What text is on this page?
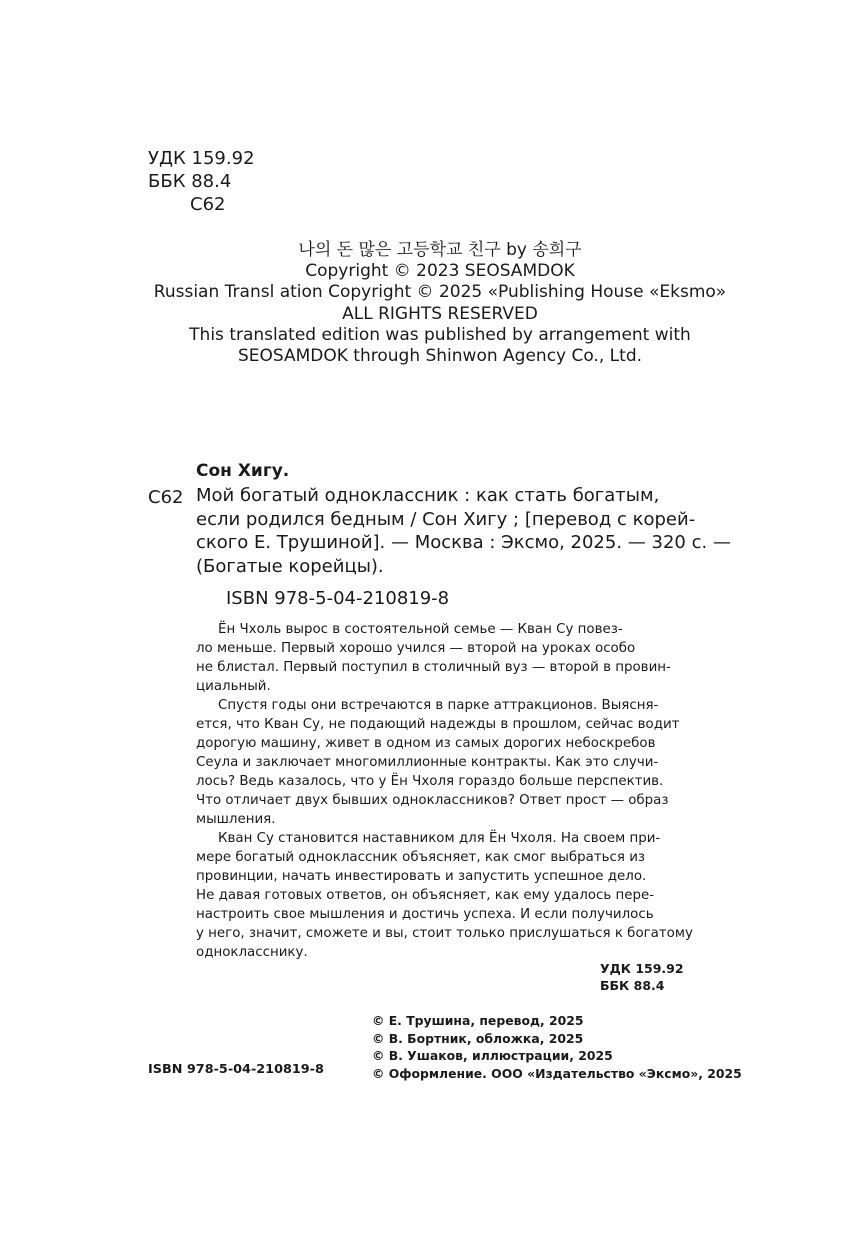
УДК 159.92
ББК 88.4
С62
나의 돈 많은 고등학교 친구 by 송희구
Copyright © 2023 SEOSAMDOK
Russian Transl ation Copyright © 2025 «Publishing House «Eksmo»
ALL RIGHTS RESERVED
This translated edition was published by arrangement with
SEOSAMDOK through Shinwon Agency Co., Ltd.
Сон Хигу.
С62 Мой богатый одноклассник : как стать богатым,
если родился бедным / Сон Хигу ; [перевод с корей-
ского Е. Трушиной]. — Москва : Эксмо, 2025. — 320 с. —
(Богатые корейцы).
ISBN 978-5-04-210819-8

Ён Чхоль вырос в состоятельной семье — Кван Су повез-
ло меньше. Первый хорошо учился — второй на уроках особо
не блистал. Первый поступил в столичный вуз — второй в провин-
циальный.

Спустя годы они встречаются в парке аттракционов. Выясня-
ется, что Кван Су, не подающий надежды в прошлом, сейчас водит
дорогую машину, живет в одном из самых дорогих небоскребов
Сеула и заключает многомиллионные контракты. Как это случи-
лось? Ведь казалось, что у Ён Чхоля гораздо больше перспектив.
Что отличает двух бывших одноклассников? Ответ прост — образ
мышления.

Кван Су становится наставником для Ён Чхоля. На своем при-
мере богатый одноклассник объясняет, как смог выбраться из
провинции, начать инвестировать и запустить успешное дело.
Не давая готовых ответов, он объясняет, как ему удалось пере-
настроить свое мышления и достичь успеха. И если получилось
у него, значит, сможете и вы, стоит только прислушаться к богатому
однокласснику.

УДК 159.92
ББК 88.4
© Е. Трушина, перевод, 2025
© В. Бортник, обложка, 2025
© В. Ушаков, иллюстрации, 2025
© Оформление. ООО «Издательство «Эксмо», 2025
ISBN 978-5-04-210819-8
